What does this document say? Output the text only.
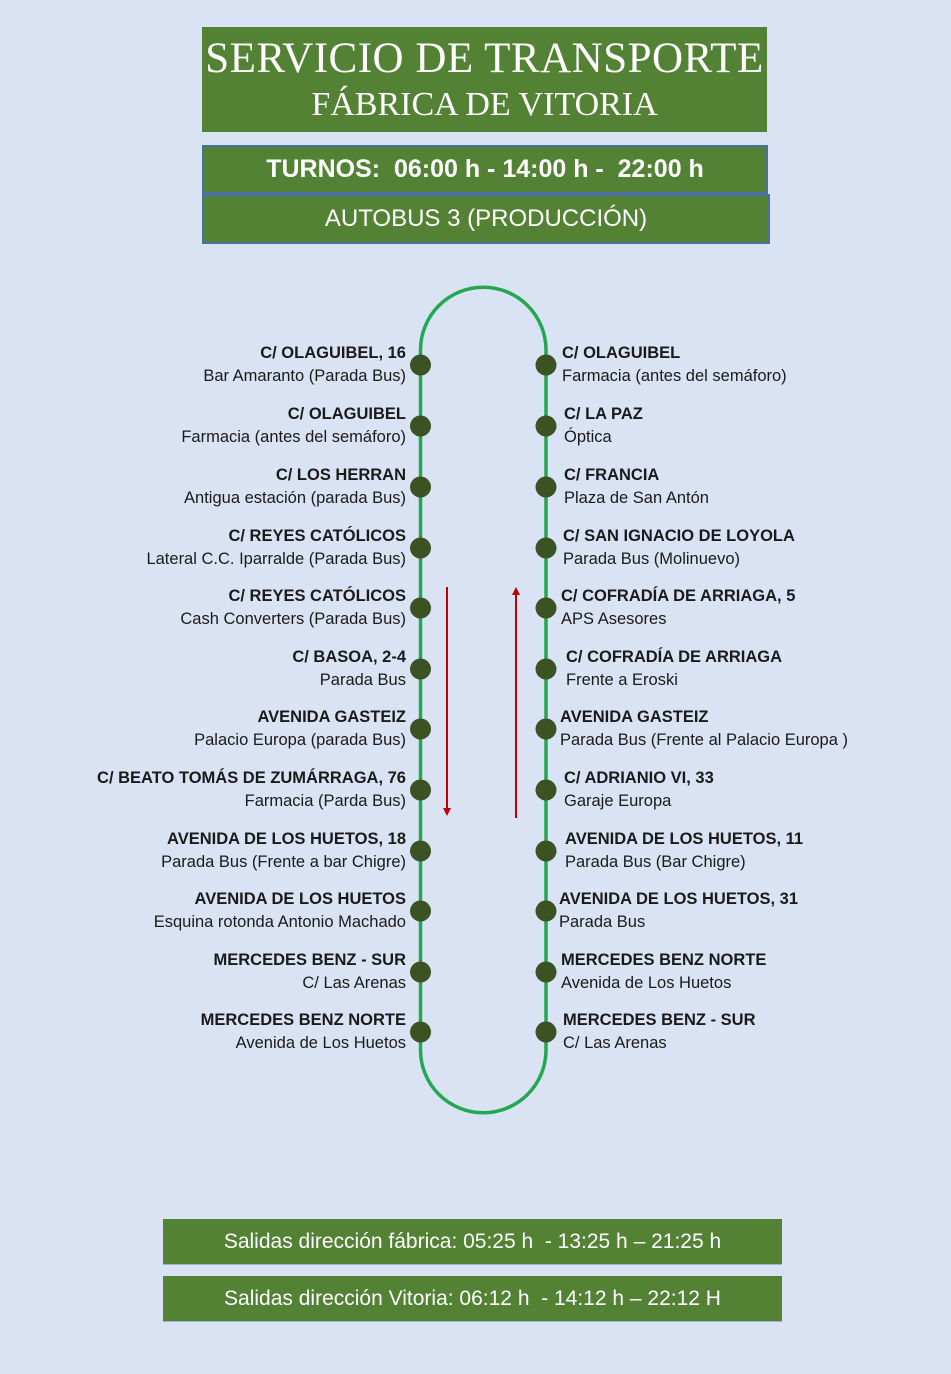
SERVICIO DE TRANSPORTE
FÁBRICA DE VITORIA
TURNOS:  06:00 h - 14:00 h -  22:00 h
AUTOBUS 3 (PRODUCCIÓN)
C/ OLAGUIBEL, 16
Bar Amaranto (Parada Bus)
C/ OLAGUIBEL
Farmacia (antes del semáforo)
C/ LOS HERRAN
Antigua estación (parada Bus)
C/ REYES CATÓLICOS
Lateral C.C. Iparralde (Parada Bus)
C/ REYES CATÓLICOS
Cash Converters (Parada Bus)
C/ BASOA, 2-4
Parada Bus
AVENIDA GASTEIZ
Palacio Europa (parada Bus)
C/ BEATO TOMÁS DE ZUMÁRRAGA, 76
Farmacia (Parda Bus)
AVENIDA DE LOS HUETOS, 18
Parada Bus (Frente a bar Chigre)
AVENIDA DE LOS HUETOS
Esquina rotonda Antonio Machado
MERCEDES BENZ - SUR
C/ Las Arenas
MERCEDES BENZ NORTE
Avenida de Los Huetos
C/ OLAGUIBEL
Farmacia (antes del semáforo)
C/ LA PAZ
Óptica
C/ FRANCIA
Plaza de San Antón
C/ SAN IGNACIO DE LOYOLA
Parada Bus (Molinuevo)
C/ COFRADÍA DE ARRIAGA, 5
APS Asesores
C/ COFRADÍA DE ARRIAGA
Frente a Eroski
AVENIDA GASTEIZ
Parada Bus (Frente al Palacio Europa )
C/ ADRIANIO VI, 33
Garaje Europa
AVENIDA DE LOS HUETOS, 11
Parada Bus (Bar Chigre)
AVENIDA DE LOS HUETOS, 31
Parada Bus
MERCEDES BENZ NORTE
Avenida de Los Huetos
MERCEDES BENZ - SUR
C/ Las Arenas
Salidas dirección fábrica: 05:25 h  - 13:25 h – 21:25 h
Salidas dirección Vitoria: 06:12 h  - 14:12 h – 22:12 H
